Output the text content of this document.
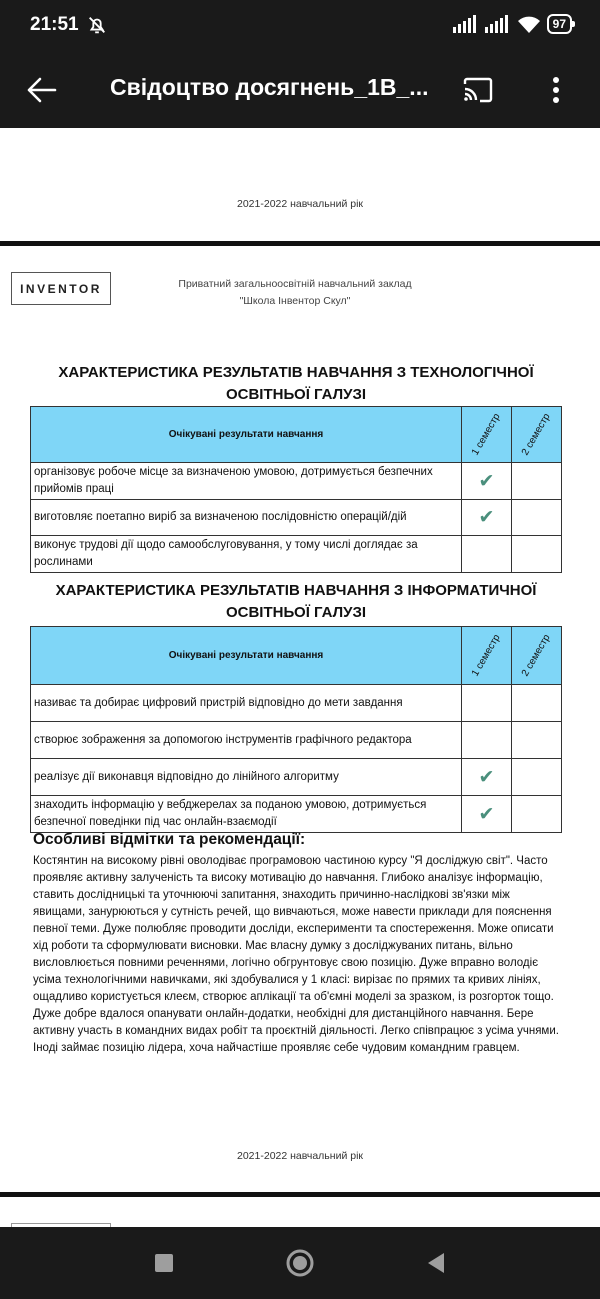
21:51	97
Свідоцтво досягнень_1В_...
2021-2022 навчальний рік
INVENTOR	Приватний загальноосвітній навчальний заклад
"Школа Інвентор Скул"
ХАРАКТЕРИСТИКА РЕЗУЛЬТАТІВ НАВЧАННЯ З ТЕХНОЛОГІЧНОЇ
ОСВІТНЬОЇ ГАЛУЗІ
Очікувані результати навчання	1 семестр	2 семестр
організовує робоче місце за визначеною умовою, дотримується безпечних прийомів праці	✔	
виготовляє поетапно виріб за визначеною послідовністю операцій/дій	✔	
виконує трудові дії щодо самообслуговування, у тому числі доглядає за рослинами		
ХАРАКТЕРИСТИКА РЕЗУЛЬТАТІВ НАВЧАННЯ З ІНФОРМАТИЧНОЇ
ОСВІТНЬОЇ ГАЛУЗІ
Очікувані результати навчання	1 семестр	2 семестр
називає та добирає цифровий пристрій відповідно до мети завдання		
створює зображення за допомогою інструментів графічного редактора		
реалізує дії виконавця відповідно до лінійного алгоритму	✔	
знаходить інформацію у вебджерелах за поданою умовою, дотримується безпечної поведінки під час онлайн-взаємодії	✔	
Особливі відмітки та рекомендації:
Костянтин на високому рівні оволодіває програмовою частиною курсу "Я досліджую світ". Часто проявляє активну залученість та високу мотивацію до навчання. Глибоко аналізує інформацію, ставить дослідницькі та уточнюючі запитання, знаходить причинно-наслідкові зв'язки між явищами, занурюються у сутність речей, що вивчаються, може навести приклади для пояснення певної теми. Дуже полюбляє проводити досліди, експерименти та спостереження. Може описати хід роботи та сформулювати висновки. Має власну думку з досліджуваних питань, вільно висловлюється повними реченнями, логічно обгрунтовує свою позицію. Дуже вправно володіє усіма технологічними навичками, які здобувалися у 1 класі: вирізає по прямих та кривих лініях, ощадливо користується клеєм, створює аплікації та об'ємні моделі за зразком, із розгорток тощо. Дуже добре вдалося опанувати онлайн-додатки, необхідні для дистанційного навчання. Бере активну участь в командних видах робіт та проєктній діяльності. Легко співпрацює з усіма учнями. Іноді займає позицію лідера, хоча найчастіше проявляє себе чудовим командним гравцем.
2021-2022 навчальний рік
